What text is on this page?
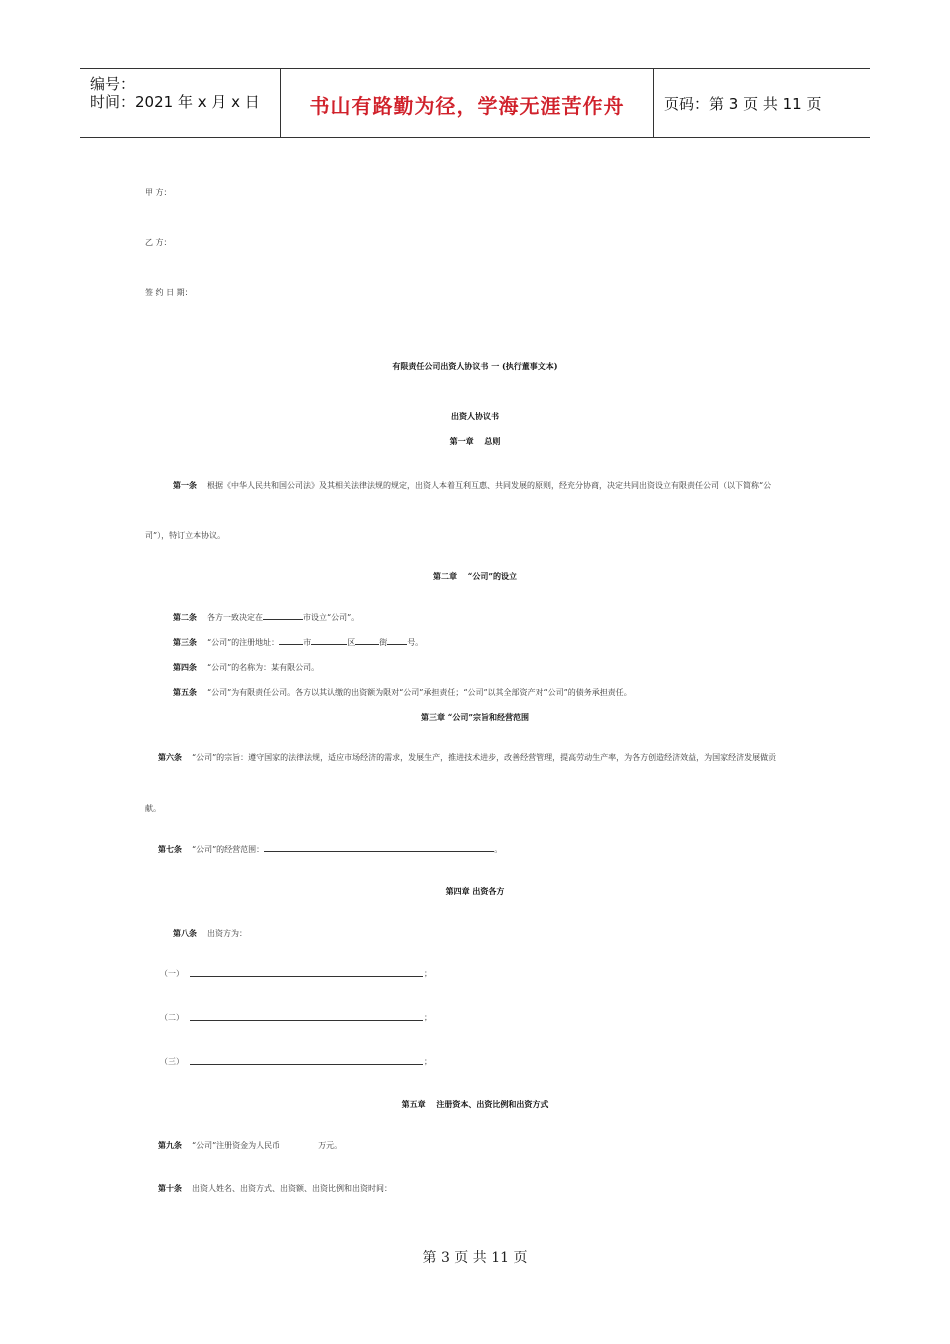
编号：
时间：2021 年 x 月 x 日	书山有路勤为径，学海无涯苦作舟	页码：第 3 页 共 11 页
甲 方：
乙 方：
签 约 日 期：
有限责任公司出资人协议书 一 (执行董事文本)
出资人协议书
第一章　 总则
第一条 根据《中华人民共和国公司法》及其相关法律法规的规定，出资人本着互利互惠、共同发展的原则，经充分协商，决定共同出资设立有限责任公司（以下简称“公
司”），特订立本协议。
第二章　 “公司”的设立
第二条 各方一致决定在	市设立“公司”。
第三条 “公司”的注册地址：	市	区	街	号。
第四条 “公司”的名称为：某有限公司。
第五条 “公司”为有限责任公司。各方以其认缴的出资额为限对“公司”承担责任；“公司”以其全部资产对“公司”的债务承担责任。
第三章 “公司”宗旨和经营范围
第六条 “公司”的宗旨：遵守国家的法律法规，适应市场经济的需求，发展生产，推进技术进步，改善经营管理，提高劳动生产率，为各方创造经济效益，为国家经济发展做贡
献。
第七条 “公司”的经营范围：	。
第四章 出资各方
第八条 出资方为：
（一）	；
（二）	；
（三）	；
第五章　 注册资本、出资比例和出资方式
第九条 “公司”注册资金为人民币	万元。
第十条 出资人姓名、出资方式、出资额、出资比例和出资时间：
第 3 页 共 11 页
